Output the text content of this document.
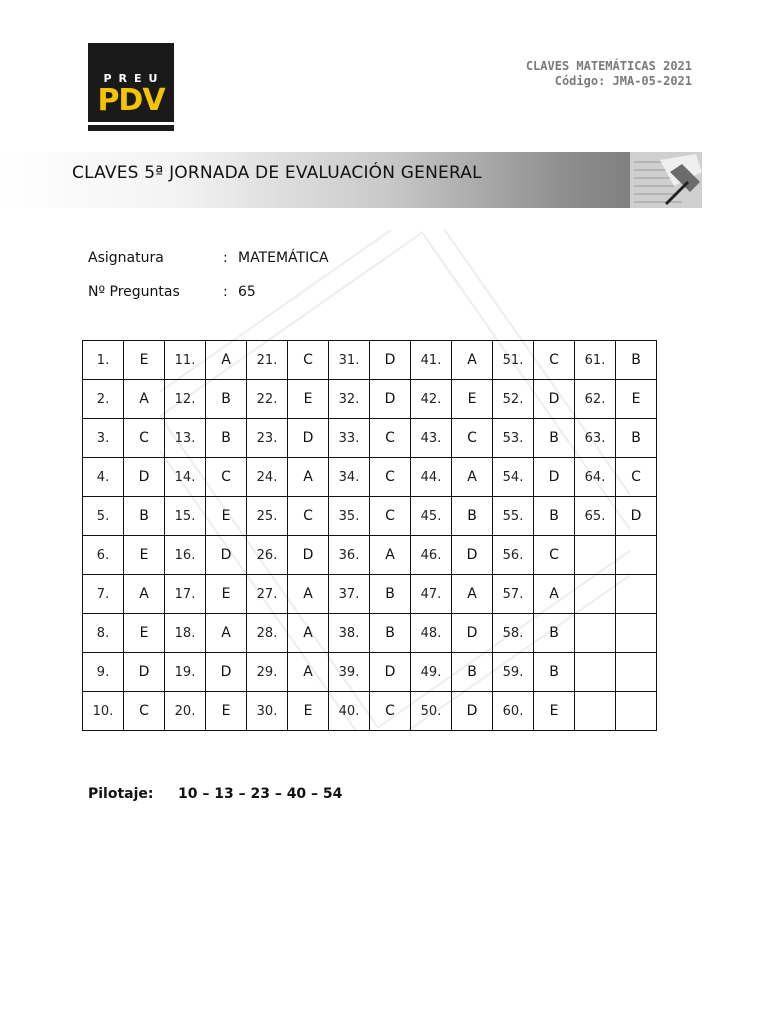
PREU
PDV
CLAVES MATEMÁTICAS 2021
Código: JMA-05-2021
CLAVES 5ª JORNADA DE EVALUACIÓN GENERAL
Asignatura	: MATEMÁTICA
Nº Preguntas	: 65
1.	E	11.	A	21.	C	31.	D	41.	A	51.	C	61.	B
2.	A	12.	B	22.	E	32.	D	42.	E	52.	D	62.	E
3.	C	13.	B	23.	D	33.	C	43.	C	53.	B	63.	B
4.	D	14.	C	24.	A	34.	C	44.	A	54.	D	64.	C
5.	B	15.	E	25.	C	35.	C	45.	B	55.	B	65.	D
6.	E	16.	D	26.	D	36.	A	46.	D	56.	C		
7.	A	17.	E	27.	A	37.	B	47.	A	57.	A		
8.	E	18.	A	28.	A	38.	B	48.	D	58.	B		
9.	D	19.	D	29.	A	39.	D	49.	B	59.	B		
10.	C	20.	E	30.	E	40.	C	50.	D	60.	E		
Pilotaje: 10 – 13 – 23 – 40 – 54
